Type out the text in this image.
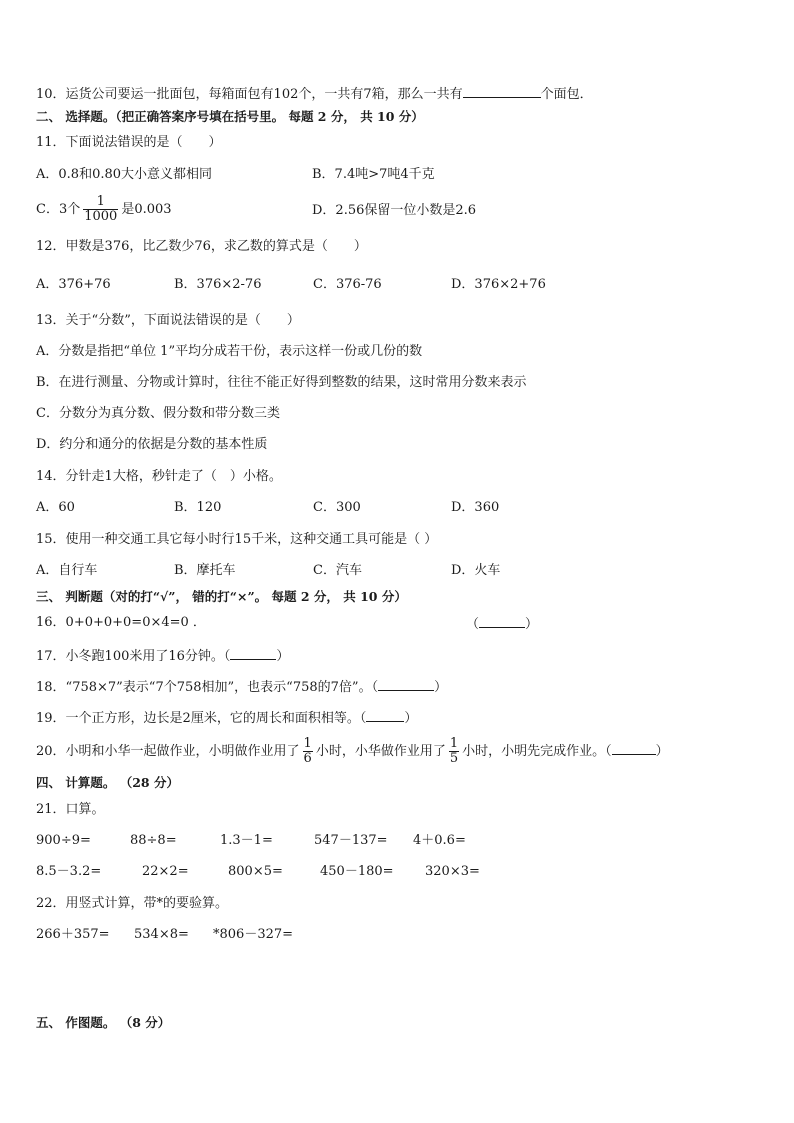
10．运货公司要运一批面包，每箱面包有102个，一共有7箱，那么一共有	个面包．
二、 选择题。（把正确答案序号填在括号里。 每题 2 分， 共 10 分）
11．下面说法错误的是（　　）
A．0.8和0.80大小意义都相同	B．7.4吨>7吨4千克
C．3个 $\frac{1}{1000}$ 是0.003	D．2.56保留一位小数是2.6
12．甲数是376，比乙数少76，求乙数的算式是（　　）
A．376+76	B．376×2-76	C．376-76	D．376×2+76
13．关于“分数”，下面说法错误的是（　　）
A．分数是指把“单位 1”平均分成若干份，表示这样一份或几份的数
B．在进行测量、分物或计算时，往往不能正好得到整数的结果，这时常用分数来表示
C．分数分为真分数、假分数和带分数三类
D．约分和通分的依据是分数的基本性质
14．分针走1大格，秒针走了（　）小格。
A．60	B．120	C．300	D．360
15．使用一种交通工具它每小时行15千米，这种交通工具可能是（ ）
A．自行车	B．摩托车	C．汽车	D．火车
三、 判断题（对的打“√”， 错的打“×”。 每题 2 分， 共 10 分）
16．0+0+0+0=0×4=0 ．	（	）
17．小冬跑100米用了16分钟。（	）
18．“758×7”表示“7个758相加”，也表示“758的7倍”。（	）
19．一个正方形，边长是2厘米，它的周长和面积相等。（	）
20．小明和小华一起做作业，小明做作业用了 $\frac{1}{6}$ 小时，小华做作业用了 $\frac{1}{5}$ 小时，小明先完成作业。（	）
四、 计算题。 （28 分）
21．口算。
900÷9=	88÷8=	1.3－1=	547－137= 4＋0.6=
8.5－3.2=	22×2=	800×5=	450－180= 320×3=
22．用竖式计算，带*的要验算。
266＋357= 534×8= *806－327=
五、 作图题。 （8 分）
